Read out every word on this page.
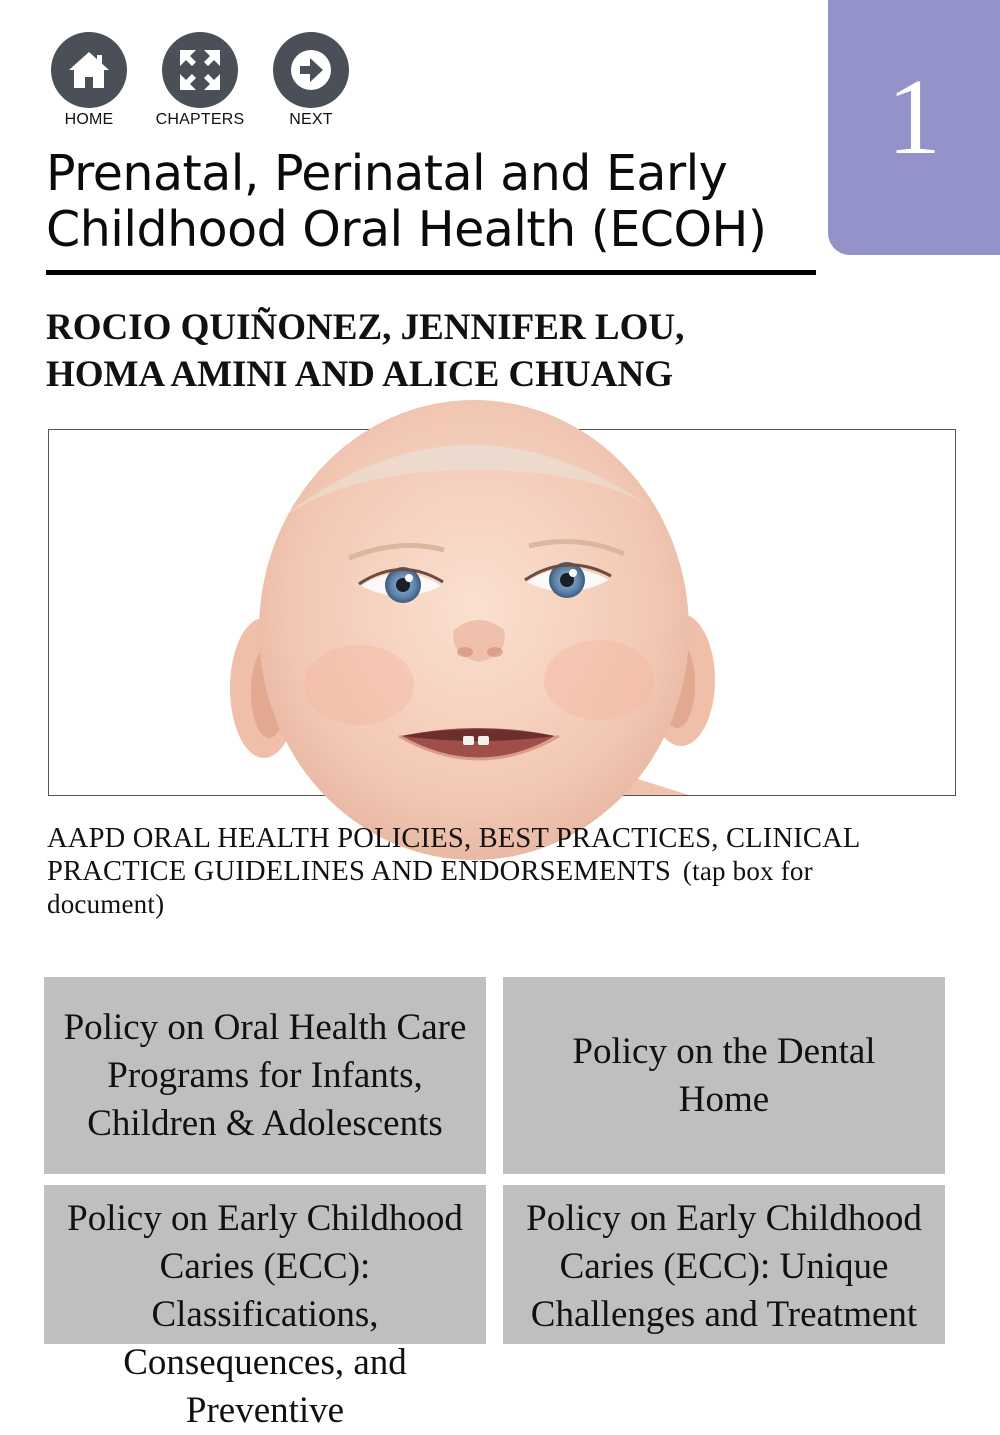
HOME	CHAPTERS	NEXT	1
Prenatal, Perinatal and Early Childhood Oral Health (ECOH)
ROCIO QUIÑONEZ, JENNIFER LOU,
HOMA AMINI AND ALICE CHUANG
AAPD ORAL HEALTH POLICIES, BEST PRACTICES, CLINICAL PRACTICE GUIDELINES AND ENDORSEMENTS (tap box for document)
Policy on Oral Health Care Programs for Infants, Children & Adolescents
Policy on the Dental Home
Policy on Early Childhood Caries (ECC): Classifications, Consequences, and Preventive
Policy on Early Childhood Caries (ECC): Unique Challenges and Treatment
